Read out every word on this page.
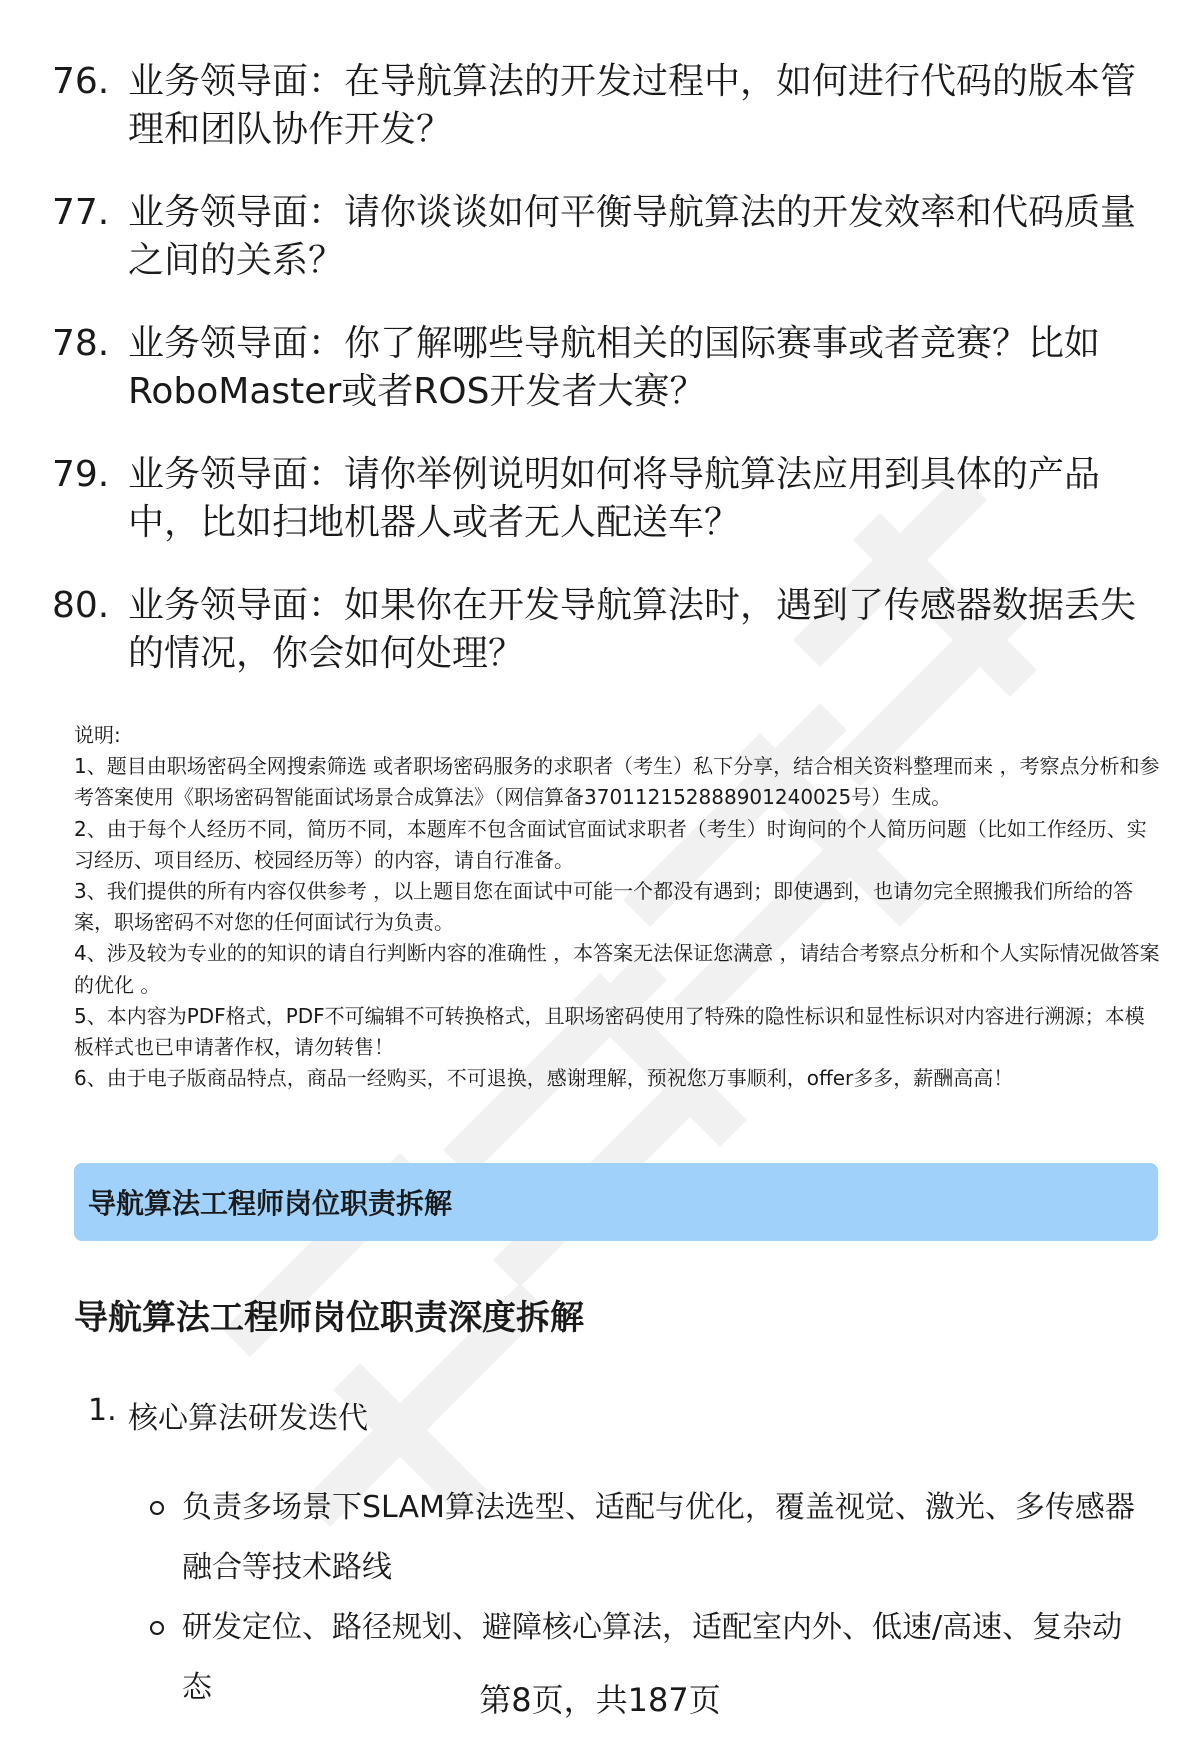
76. 业务领导面：在导航算法的开发过程中，如何进行代码的版本管理和团队协作开发？
77. 业务领导面：请你谈谈如何平衡导航算法的开发效率和代码质量之间的关系？
78. 业务领导面：你了解哪些导航相关的国际赛事或者竞赛？比如RoboMaster或者ROS开发者大赛？
79. 业务领导面：请你举例说明如何将导航算法应用到具体的产品中，比如扫地机器人或者无人配送车？
80. 业务领导面：如果你在开发导航算法时，遇到了传感器数据丢失的情况，你会如何处理？

说明:

1、题目由职场密码全网搜索筛选 或者职场密码服务的求职者（考生）私下分享，结合相关资料整理而来 ，考察点分析和参考答案使用《职场密码智能面试场景合成算法》（网信算备370112152888901240025号）生成。

2、由于每个人经历不同，简历不同，本题库不包含面试官面试求职者（考生）时询问的个人简历问题（比如工作经历、实习经历、项目经历、校园经历等）的内容，请自行准备。

3、我们提供的所有内容仅供参考 ，以上题目您在面试中可能一个都没有遇到；即使遇到，也请勿完全照搬我们所给的答案，职场密码不对您的任何面试行为负责。

4、涉及较为专业的的知识的请自行判断内容的准确性 ，本答案无法保证您满意 ，请结合考察点分析和个人实际情况做答案的优化 。

5、本内容为PDF格式，PDF不可编辑不可转换格式，且职场密码使用了特殊的隐性标识和显性标识对内容进行溯源；本模板样式也已申请著作权，请勿转售！

6、由于电子版商品特点，商品一经购买，不可退换，感谢理解，预祝您万事顺利，offer多多，薪酬高高！

导航算法工程师岗位职责拆解
导航算法工程师岗位职责深度拆解
1. 核心算法研发迭代
负责多场景下SLAM算法选型、适配与优化，覆盖视觉、激光、多传感器融合等技术路线
研发定位、路径规划、避障核心算法，适配室内外、低速/高速、复杂动态	第8页，共187页
